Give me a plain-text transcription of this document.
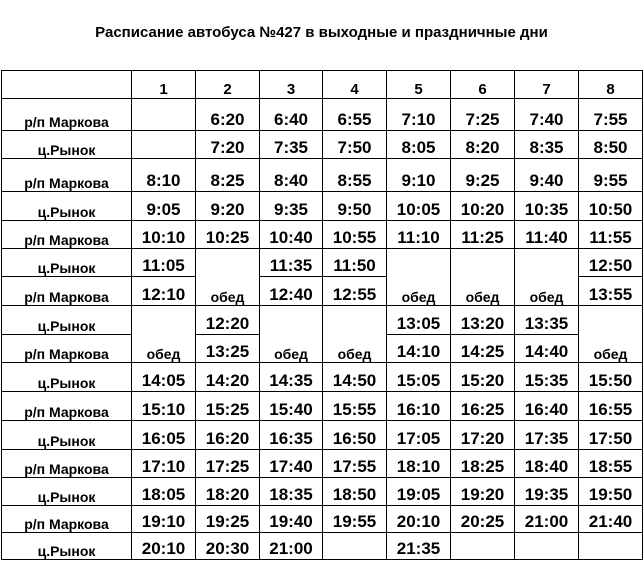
Расписание автобуса №427 в выходные и праздничные дни
	1	2	3	4	5	6	7	8
р/п Маркова		6:20	6:40	6:55	7:10	7:25	7:40	7:55
ц.Рынок		7:20	7:35	7:50	8:05	8:20	8:35	8:50
р/п Маркова	8:10	8:25	8:40	8:55	9:10	9:25	9:40	9:55
ц.Рынок	9:05	9:20	9:35	9:50	10:05	10:20	10:35	10:50
р/п Маркова	10:10	10:25	10:40	10:55	11:10	11:25	11:40	11:55
ц.Рынок	11:05	обед	11:35	11:50	обед	обед	обед	12:50
р/п Маркова	12:10		12:40	12:55				13:55
ц.Рынок	обед	12:20	обед	обед	13:05	13:20	13:35	обед
р/п Маркова		13:25			14:10	14:25	14:40	
ц.Рынок	14:05	14:20	14:35	14:50	15:05	15:20	15:35	15:50
р/п Маркова	15:10	15:25	15:40	15:55	16:10	16:25	16:40	16:55
ц.Рынок	16:05	16:20	16:35	16:50	17:05	17:20	17:35	17:50
р/п Маркова	17:10	17:25	17:40	17:55	18:10	18:25	18:40	18:55
ц.Рынок	18:05	18:20	18:35	18:50	19:05	19:20	19:35	19:50
р/п Маркова	19:10	19:25	19:40	19:55	20:10	20:25	21:00	21:40
ц.Рынок	20:10	20:30	21:00		21:35			
